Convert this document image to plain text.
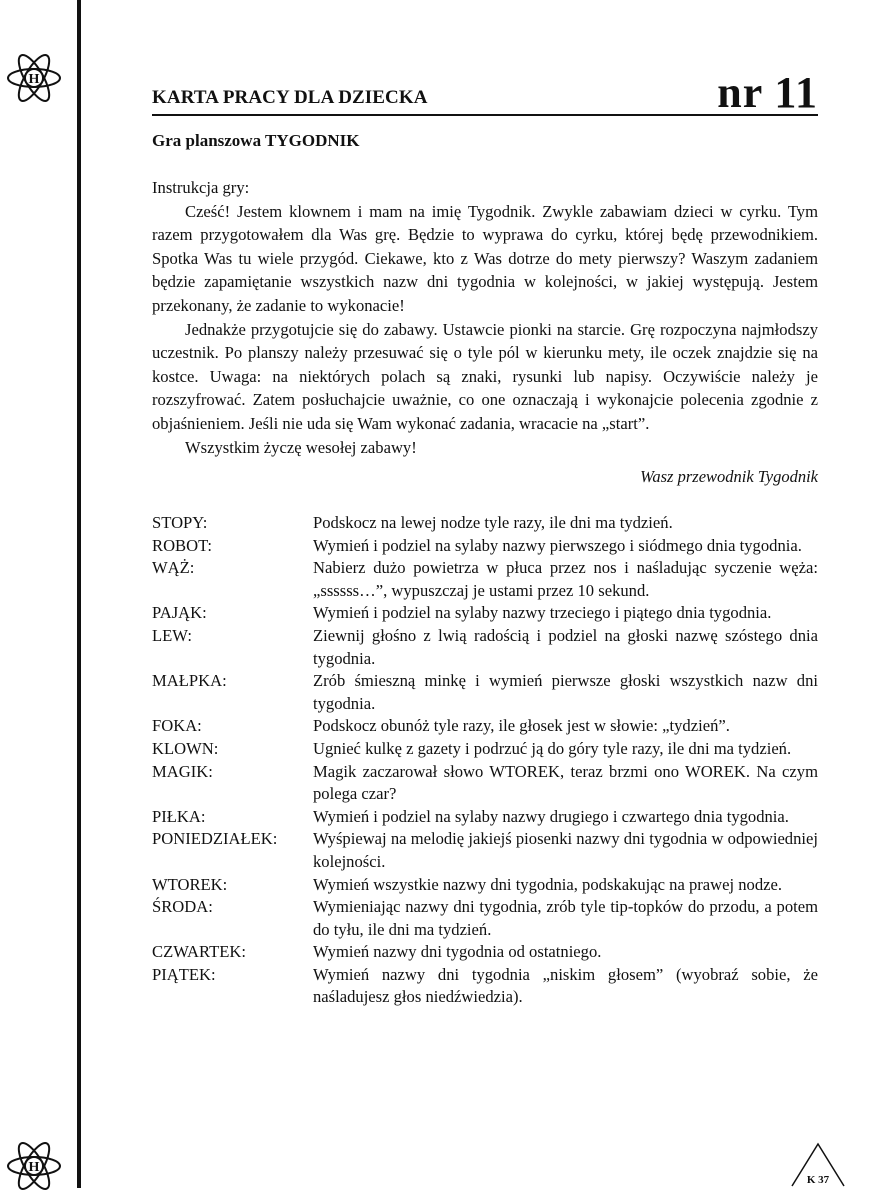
H
H
KARTA PRACY DLA DZIECKA	nr 11
Gra planszowa TYGODNIK

Instrukcja gry:

Cześć! Jestem klownem i mam na imię Tygodnik. Zwykle zabawiam dzieci w cyrku. Tym razem przygotowałem dla Was grę. Będzie to wyprawa do cyrku, której będę przewodnikiem. Spotka Was tu wiele przygód. Ciekawe, kto z Was dotrze do mety pierwszy? Waszym zadaniem będzie zapamiętanie wszystkich nazw dni tygodnia w kolejności, w jakiej występują. Jestem przekonany, że zadanie to wykonacie!

Jednakże przygotujcie się do zabawy. Ustawcie pionki na starcie. Grę rozpoczyna najmłodszy uczestnik. Po planszy należy przesuwać się o tyle pól w kierunku mety, ile oczek znajdzie się na kostce. Uwaga: na niektórych polach są znaki, rysunki lub napisy. Oczywiście należy je rozszyfrować. Zatem posłuchajcie uważnie, co one oznaczają i wykonajcie polecenia zgodnie z objaśnieniem. Jeśli nie uda się Wam wykonać zadania, wracacie na „start”.

Wszystkim życzę wesołej zabawy!

Wasz przewodnik Tygodnik
STOPY:	Podskocz na lewej nodze tyle razy, ile dni ma tydzień.
ROBOT:	Wymień i podziel na sylaby nazwy pierwszego i siódmego dnia tygodnia.
WĄŻ:	Nabierz dużo powietrza w płuca przez nos i naśladując syczenie węża: „ssssss…”, wypuszczaj je ustami przez 10 sekund.
PAJĄK:	Wymień i podziel na sylaby nazwy trzeciego i piątego dnia tygodnia.
LEW:	Ziewnij głośno z lwią radością i podziel na głoski nazwę szóstego dnia tygodnia.
MAŁPKA:	Zrób śmieszną minkę i wymień pierwsze głoski wszystkich nazw dni tygodnia.
FOKA:	Podskocz obunóż tyle razy, ile głosek jest w słowie: „tydzień”.
KLOWN:	Ugnieć kulkę z gazety i podrzuć ją do góry tyle razy, ile dni ma tydzień.
MAGIK:	Magik zaczarował słowo WTOREK, teraz brzmi ono WOREK. Na czym polega czar?
PIŁKA:	Wymień i podziel na sylaby nazwy drugiego i czwartego dnia tygodnia.
PONIEDZIAŁEK:	Wyśpiewaj na melodię jakiejś piosenki nazwy dni tygodnia w odpowiedniej kolejności.
WTOREK:	Wymień wszystkie nazwy dni tygodnia, podskakując na prawej nodze.
ŚRODA:	Wymieniając nazwy dni tygodnia, zrób tyle tip-topków do przodu, a potem do tyłu, ile dni ma tydzień.
CZWARTEK:	Wymień nazwy dni tygodnia od ostatniego.
PIĄTEK:	Wymień nazwy dni tygodnia „niskim głosem” (wyobraź sobie, że naśladujesz głos niedźwiedzia).
K 37
